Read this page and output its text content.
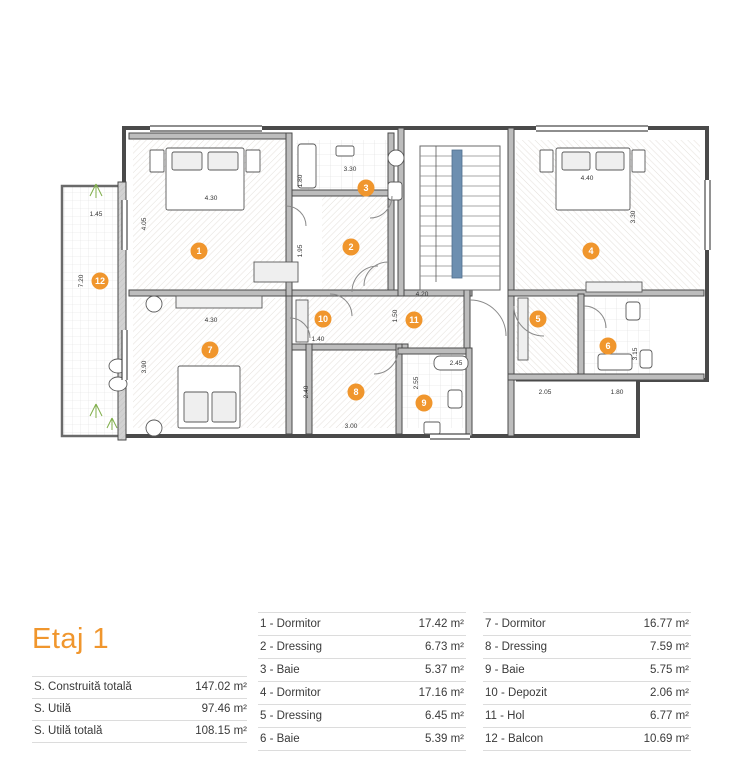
1.45
7.20
4.05
4.30
4.30
3.90
1.80
1.95
3.30
1.40
2.40
3.00
2.55
2.45
4.20
1.50
4.40
3.30
2.05	1.80
3.15
1	2
3
4
5
6
7
8
9
10	11
12
Etaj 1
S. Construită totală	147.02 m²
S. Utilă	97.46 m²
S. Utilă totală	108.15 m²
1 - Dormitor	17.42 m²
2 - Dressing	6.73 m²
3 - Baie	5.37 m²
4 - Dormitor	17.16 m²
5 - Dressing	6.45 m²
6 - Baie	5.39 m²
7 - Dormitor	16.77 m²
8 - Dressing	7.59 m²
9 - Baie	5.75 m²
10 - Depozit	2.06 m²
11 - Hol	6.77 m²
12 - Balcon	10.69 m²
